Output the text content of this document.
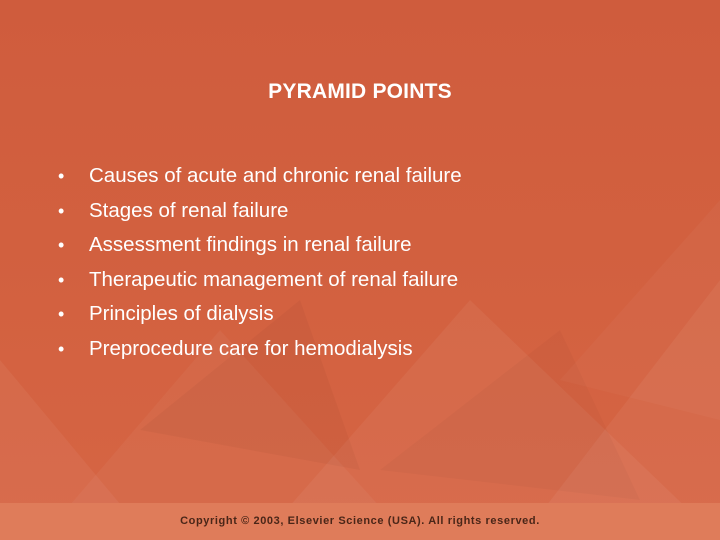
PYRAMID POINTS
•	Causes of acute and chronic renal failure
•	Stages of renal failure
•	Assessment findings in renal failure
•	Therapeutic management of renal failure
•	Principles of dialysis
•	Preprocedure care for hemodialysis
Copyright © 2003, Elsevier Science (USA). All rights reserved.
